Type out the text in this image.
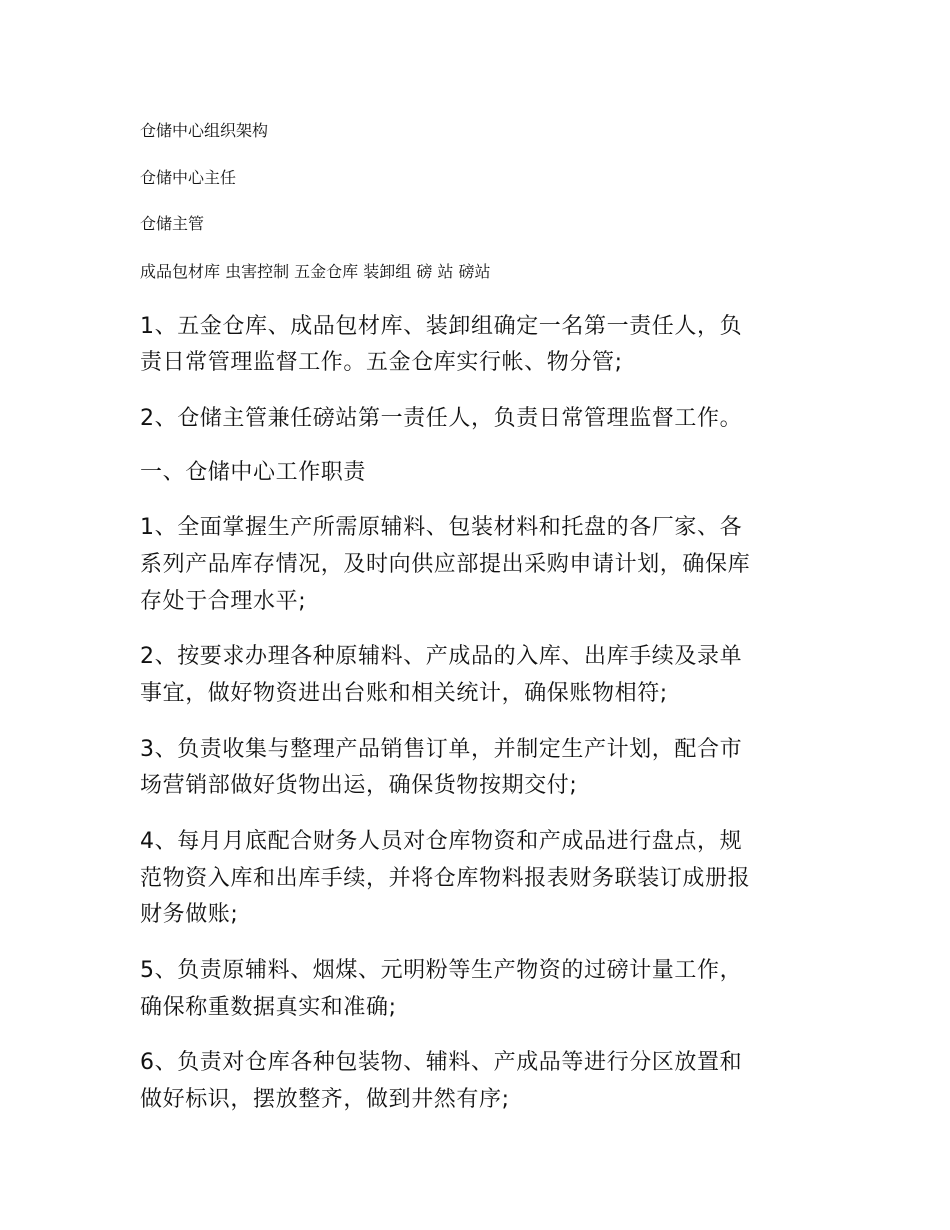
仓储中心组织架构

仓储中心主任

仓储主管

成品包材库 虫害控制 五金仓库 装卸组 磅 站 磅站

1、五金仓库、成品包材库、装卸组确定一名第一责任人，负

责日常管理监督工作。五金仓库实行帐、物分管;

2、仓储主管兼任磅站第一责任人，负责日常管理监督工作。

一、仓储中心工作职责

1、全面掌握生产所需原辅料、包装材料和托盘的各厂家、各

系列产品库存情况，及时向供应部提出采购申请计划，确保库

存处于合理水平;

2、按要求办理各种原辅料、产成品的入库、出库手续及录单

事宜，做好物资进出台账和相关统计，确保账物相符;

3、负责收集与整理产品销售订单，并制定生产计划，配合市

场营销部做好货物出运，确保货物按期交付;

4、每月月底配合财务人员对仓库物资和产成品进行盘点，规

范物资入库和出库手续，并将仓库物料报表财务联装订成册报

财务做账;

5、负责原辅料、烟煤、元明粉等生产物资的过磅计量工作，

确保称重数据真实和准确;

6、负责对仓库各种包装物、辅料、产成品等进行分区放置和

做好标识，摆放整齐，做到井然有序;
